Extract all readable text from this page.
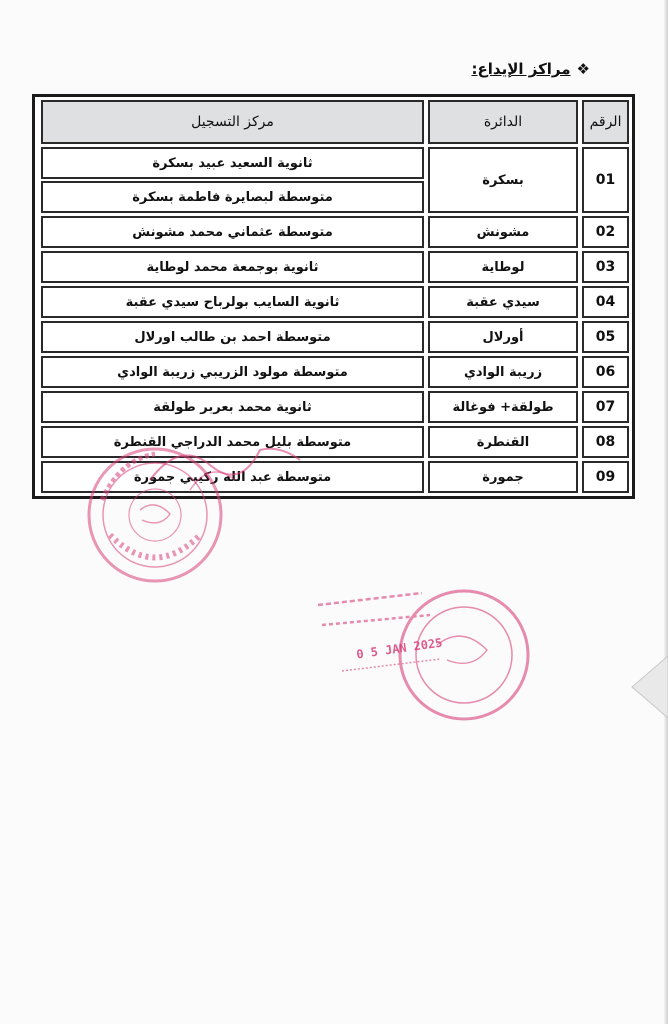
❖
مراكز الإيداع:
الرقم
الدائرة
مركز التسجيل
01
بسكرة
ثانوية السعيد عبيد بسكرة
متوسطة لبصايرة فاطمة بسكرة
02
مشونش
متوسطة عثماني محمد مشونش
03
لوطاية
ثانوية بوجمعة محمد لوطاية
04
سيدي عقبة
ثانوية السايب بولرباح سيدي عقبة
05
أورلال
متوسطة احمد بن طالب اورلال
06
زريبة الوادي
متوسطة مولود الزريبي زريبة الوادي
07
طولقة+ فوغالة
ثانوية محمد بعربر طولقة
08
القنطرة
متوسطة بليل محمد الدراجي القنطرة
09
جمورة
متوسطة عبد الله ركيبي جمورة
0 5 JAN 2025
